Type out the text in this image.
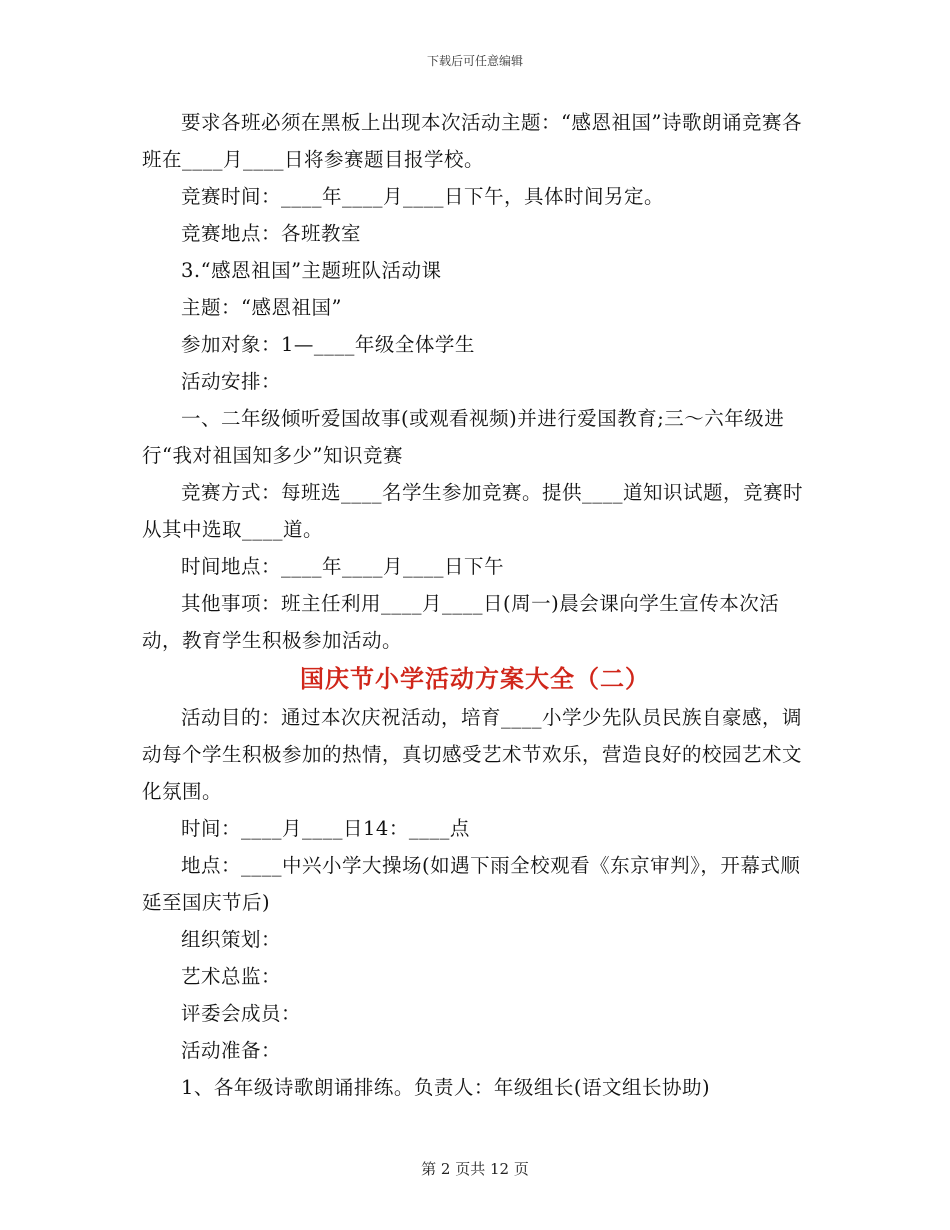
下载后可任意编辑

要求各班必须在黑板上出现本次活动主题：“感恩祖国”诗歌朗诵竞赛各班在____月____日将参赛题目报学校。

竞赛时间：____年____月____日下午，具体时间另定。

竞赛地点：各班教室

3.“感恩祖国”主题班队活动课

主题：“感恩祖国”

参加对象：1—____年级全体学生

活动安排：

一、二年级倾听爱国故事(或观看视频)并进行爱国教育;三～六年级进行“我对祖国知多少”知识竞赛

竞赛方式：每班选____名学生参加竞赛。提供____道知识试题，竞赛时从其中选取____道。

时间地点：____年____月____日下午

其他事项：班主任利用____月____日(周一)晨会课向学生宣传本次活动，教育学生积极参加活动。

国庆节小学活动方案大全（二）

活动目的：通过本次庆祝活动，培育____小学少先队员民族自豪感，调动每个学生积极参加的热情，真切感受艺术节欢乐，营造良好的校园艺术文化氛围。

时间：____月____日14：____点

地点：____中兴小学大操场(如遇下雨全校观看《东京审判》，开幕式顺延至国庆节后)

组织策划：

艺术总监：

评委会成员：

活动准备：

1、各年级诗歌朗诵排练。负责人：年级组长(语文组长协助)

第 2 页共 12 页
